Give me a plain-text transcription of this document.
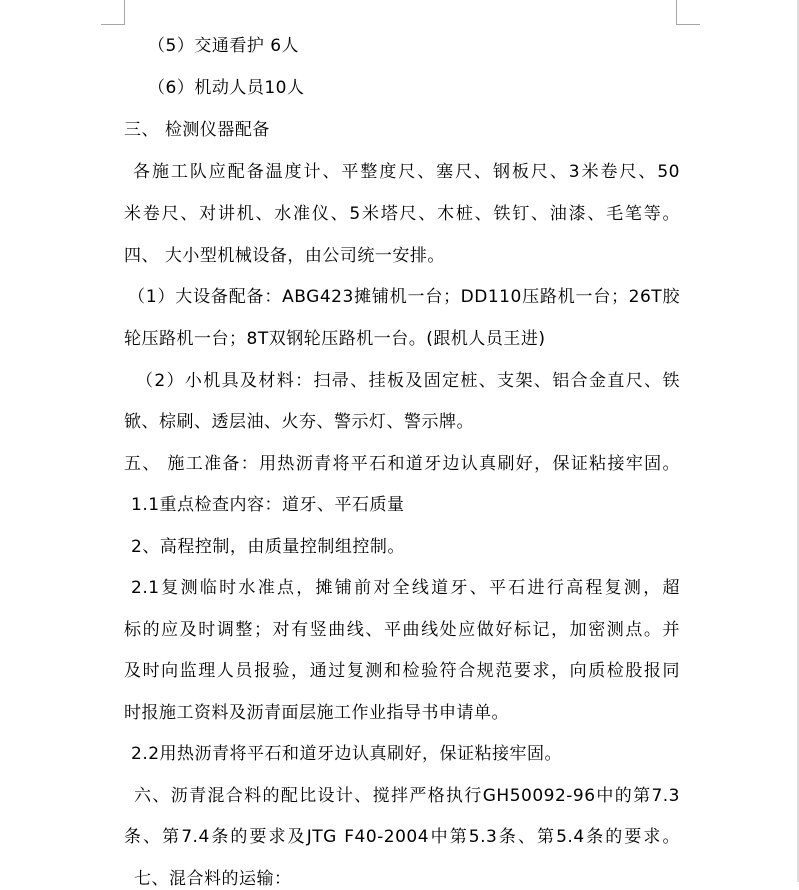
（5）交通看护 6人
（6）机动人员10人
三、 检测仪器配备
各施工队应配备温度计、平整度尺、塞尺、钢板尺、3米卷尺、50
米卷尺、对讲机、水准仪、5米塔尺、木桩、铁钉、油漆、毛笔等。
四、 大小型机械设备，由公司统一安排。
（1）大设备配备：ABG423摊铺机一台；DD110压路机一台；26T胶
轮压路机一台；8T双钢轮压路机一台。(跟机人员王进)
（2）小机具及材料：扫帚、挂板及固定桩、支架、铝合金直尺、铁
锨、棕刷、透层油、火夯、警示灯、警示牌。
五、 施工准备：用热沥青将平石和道牙边认真刷好，保证粘接牢固。
1.1重点检查内容：道牙、平石质量
2、高程控制，由质量控制组控制。
2.1复测临时水准点，摊铺前对全线道牙、平石进行高程复测，超
标的应及时调整；对有竖曲线、平曲线处应做好标记，加密测点。并
及时向监理人员报验，通过复测和检验符合规范要求，向质检股报同
时报施工资料及沥青面层施工作业指导书申请单。
2.2用热沥青将平石和道牙边认真刷好，保证粘接牢固。
六、沥青混合料的配比设计、搅拌严格执行GH50092-96中的第7.3
条、第7.4条的要求及JTG F40-2004中第5.3条、第5.4条的要求。
七、混合料的运输：
